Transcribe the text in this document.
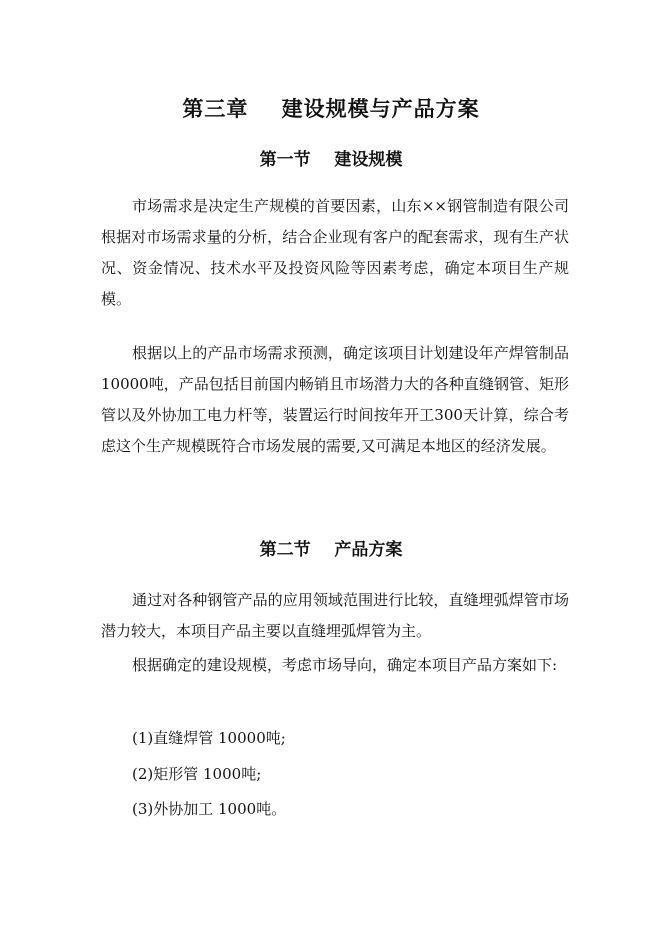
第三章    建设规模与产品方案
第一节    建设规模

市场需求是决定生产规模的首要因素，山东××钢管制造有限公司根据对市场需求量的分析，结合企业现有客户的配套需求，现有生产状况、资金情况、技术水平及投资风险等因素考虑，确定本项目生产规模。

根据以上的产品市场需求预测，确定该项目计划建设年产焊管制品10000吨，产品包括目前国内畅销且市场潜力大的各种直缝钢管、矩形管以及外协加工电力杆等，装置运行时间按年开工300天计算，综合考虑这个生产规模既符合市场发展的需要,又可满足本地区的经济发展。

第二节    产品方案

通过对各种钢管产品的应用领域范围进行比较，直缝埋弧焊管市场潜力较大，本项目产品主要以直缝埋弧焊管为主。

根据确定的建设规模，考虑市场导向，确定本项目产品方案如下:

(1)直缝焊管 10000吨;

(2)矩形管 1000吨;

(3)外协加工 1000吨。
